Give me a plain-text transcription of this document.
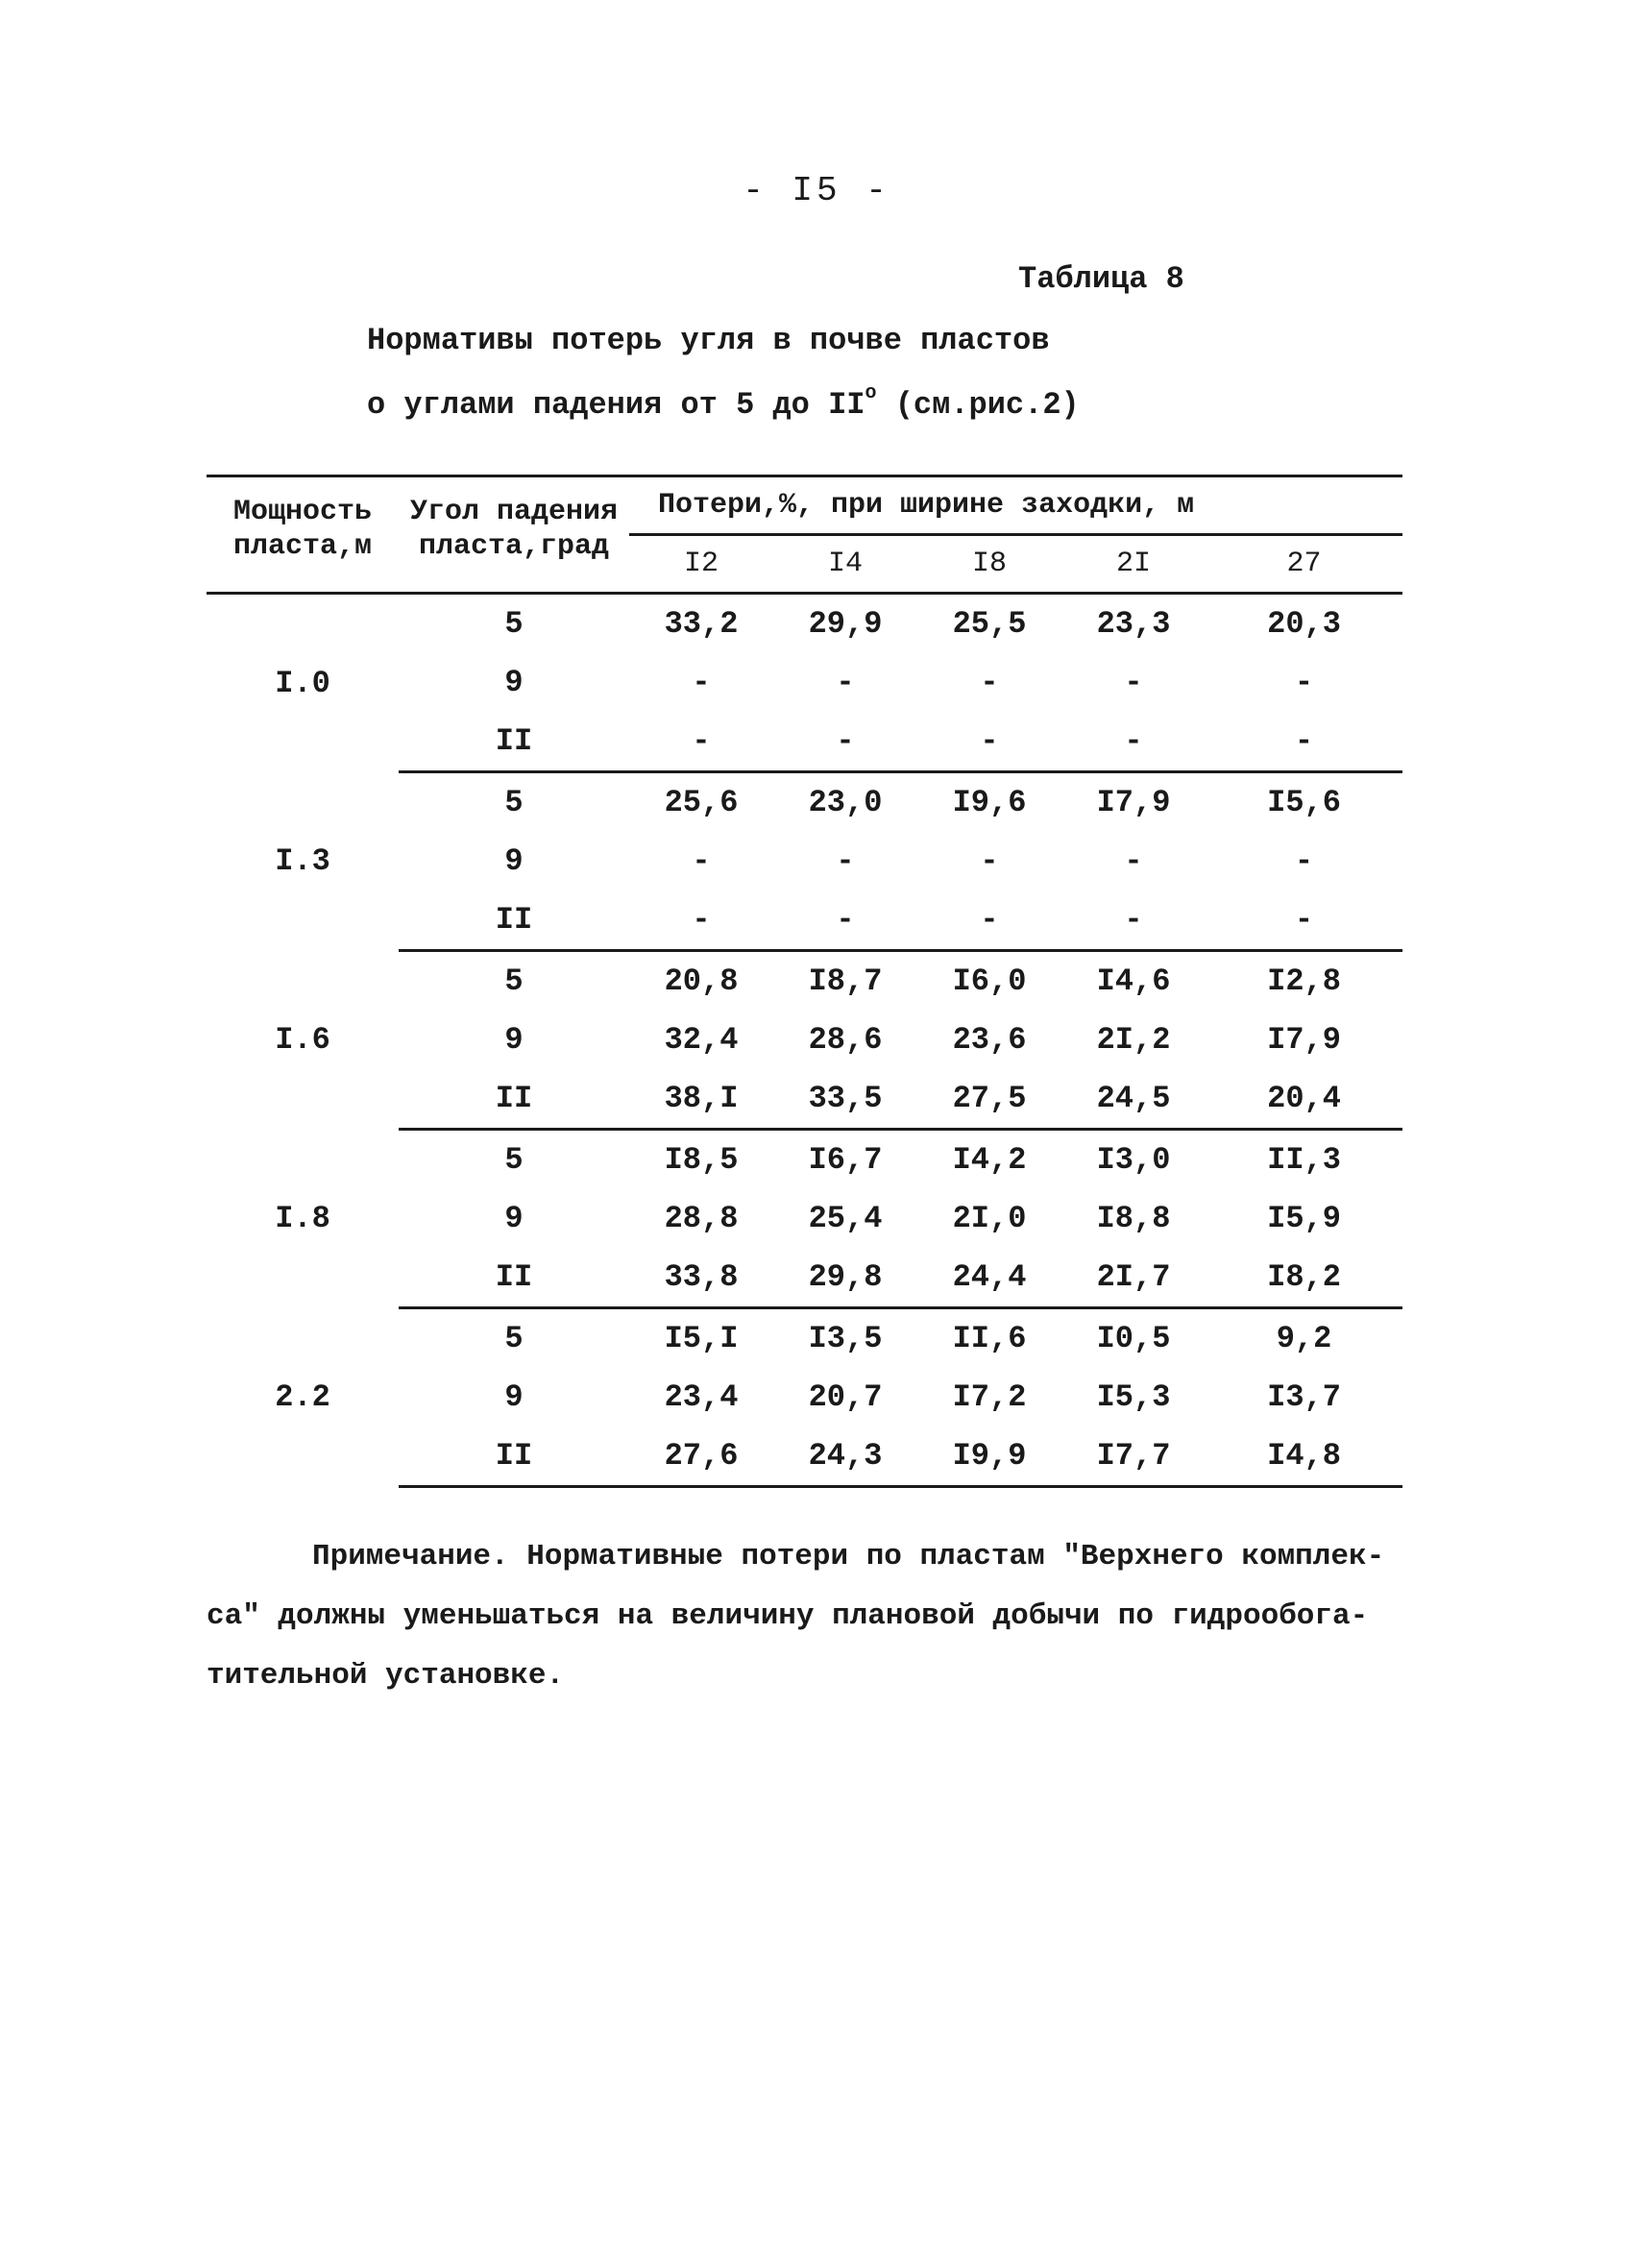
- I5 -
Таблица 8
Нормативы потерь угля в почве пластов
о углами падения от 5 до $II^о$ (см.рис.2)
Мощность пласта,м	Угол падения пласта,град	Потери,%, при ширине заходки, м				
		I2	I4	I8	2I	27
I.0	5	33,2	29,9	25,5	23,3	20,3
	9	-	-	-	-	-
	II	-	-	-	-	-
I.3	5	25,6	23,0	I9,6	I7,9	I5,6
	9	-	-	-	-	-
	II	-	-	-	-	-
I.6	5	20,8	I8,7	I6,0	I4,6	I2,8
	9	32,4	28,6	23,6	2I,2	I7,9
	II	38,I	33,5	27,5	24,5	20,4
I.8	5	I8,5	I6,7	I4,2	I3,0	II,3
	9	28,8	25,4	2I,0	I8,8	I5,9
	II	33,8	29,8	24,4	2I,7	I8,2
2.2	5	I5,I	I3,5	II,6	I0,5	9,2
	9	23,4	20,7	I7,2	I5,3	I3,7
	II	27,6	24,3	I9,9	I7,7	I4,8
Примечание. Нормативные потери по пластам "Верхнего комплек-
са" должны уменьшаться на величину плановой добычи по гидрообога-
тительной установке.
